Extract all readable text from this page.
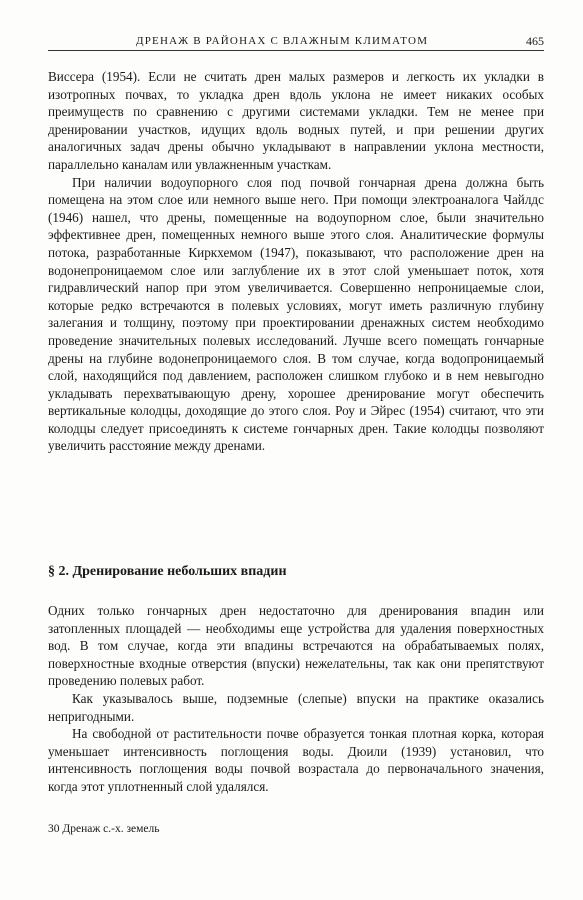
ДРЕНАЖ В РАЙОНАХ С ВЛАЖНЫМ КЛИМАТОМ	465

Виссера (1954). Если не считать дрен малых размеров и легкость их укладки в изотропных почвах, то укладка дрен вдоль уклона не имеет никаких особых преимуществ по сравнению с другими системами укладки. Тем не менее при дренировании участков, идущих вдоль водных путей, и при решении других аналогичных задач дрены обычно укладывают в направлении уклона местности, параллельно каналам или увлажненным участкам.

При наличии водоупорного слоя под почвой гончарная дрена должна быть помещена на этом слое или немного выше него. При помощи электроаналога Чайлдс (1946) нашел, что дрены, помещенные на водоупорном слое, были значительно эффективнее дрен, помещенных немного выше этого слоя. Аналитические формулы потока, разработанные Киркхемом (1947), показывают, что расположение дрен на водонепроницаемом слое или заглубление их в этот слой уменьшает поток, хотя гидравлический напор при этом увеличивается. Совершенно непроницаемые слои, которые редко встречаются в полевых условиях, могут иметь различную глубину залегания и толщину, поэтому при проектировании дренажных систем необходимо проведение значительных полевых исследований. Лучше всего помещать гончарные дрены на глубине водонепроницаемого слоя. В том случае, когда водопроницаемый слой, находящийся под давлением, расположен слишком глубоко и в нем невыгодно укладывать перехватывающую дрену, хорошее дренирование могут обеспечить вертикальные колодцы, доходящие до этого слоя. Роу и Эйрес (1954) считают, что эти колодцы следует присоединять к системе гончарных дрен. Такие колодцы позволяют увеличить расстояние между дренами.

§ 2. Дренирование небольших впадин

Одних только гончарных дрен недостаточно для дренирования впадин или затопленных площадей — необходимы еще устройства для удаления поверхностных вод. В том случае, когда эти впадины встречаются на обрабатываемых полях, поверхностные входные отверстия (впуски) нежелательны, так как они препятствуют проведению полевых работ.

Как указывалось выше, подземные (слепые) впуски на практике оказались непригодными.

На свободной от растительности почве образуется тонкая плотная корка, которая уменьшает интенсивность поглощения воды. Дюили (1939) установил, что интенсивность поглощения воды почвой возрастала до первоначального значения, когда этот уплотненный слой удалялся.

30 Дренаж с.-х. земель
